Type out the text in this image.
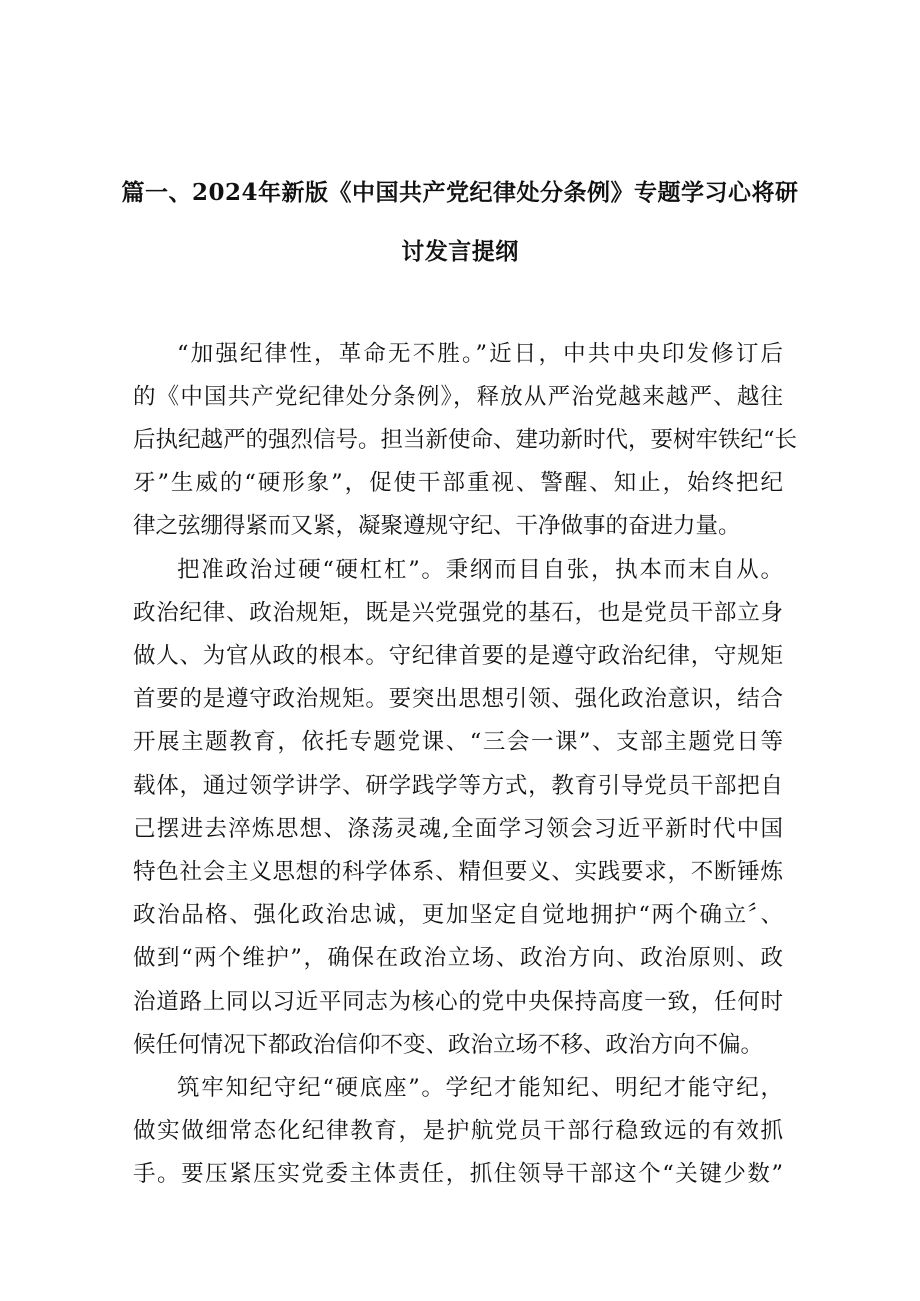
篇一、2024年新版《中国共产党纪律处分条例》专题学习心将研
讨发言提纲
“加强纪律性，革命无不胜。”近日，中共中央印发修订后
的《中国共产党纪律处分条例》，释放从严治党越来越严、越往
后执纪越严的强烈信号。担当新使命、建功新时代，要树牢铁纪“长
牙”生威的“硬形象”，促使干部重视、警醒、知止，始终把纪
律之弦绷得紧而又紧，凝聚遵规守纪、干净做事的奋进力量。
把准政治过硬“硬杠杠”。秉纲而目自张，执本而末自从。
政治纪律、政治规矩，既是兴党强党的基石，也是党员干部立身
做人、为官从政的根本。守纪律首要的是遵守政治纪律，守规矩
首要的是遵守政治规矩。要突出思想引领、强化政治意识，结合
开展主题教育，依托专题党课、“三会一课”、支部主题党日等
载体，通过领学讲学、研学践学等方式，教育引导党员干部把自
己摆进去淬炼思想、涤荡灵魂,全面学习领会习近平新时代中国
特色社会主义思想的科学体系、精但要义、实践要求，不断锤炼
政治品格、强化政治忠诚，更加坚定自觉地拥护“两个确立〞、
做到“两个维护”，确保在政治立场、政治方向、政治原则、政
治道路上同以习近平同志为核心的党中央保持高度一致，任何时
候任何情况下都政治信仰不变、政治立场不移、政治方向不偏。
筑牢知纪守纪“硬底座”。学纪才能知纪、明纪才能守纪，
做实做细常态化纪律教育，是护航党员干部行稳致远的有效抓
手。要压紧压实党委主体责任，抓住领导干部这个“关键少数”
